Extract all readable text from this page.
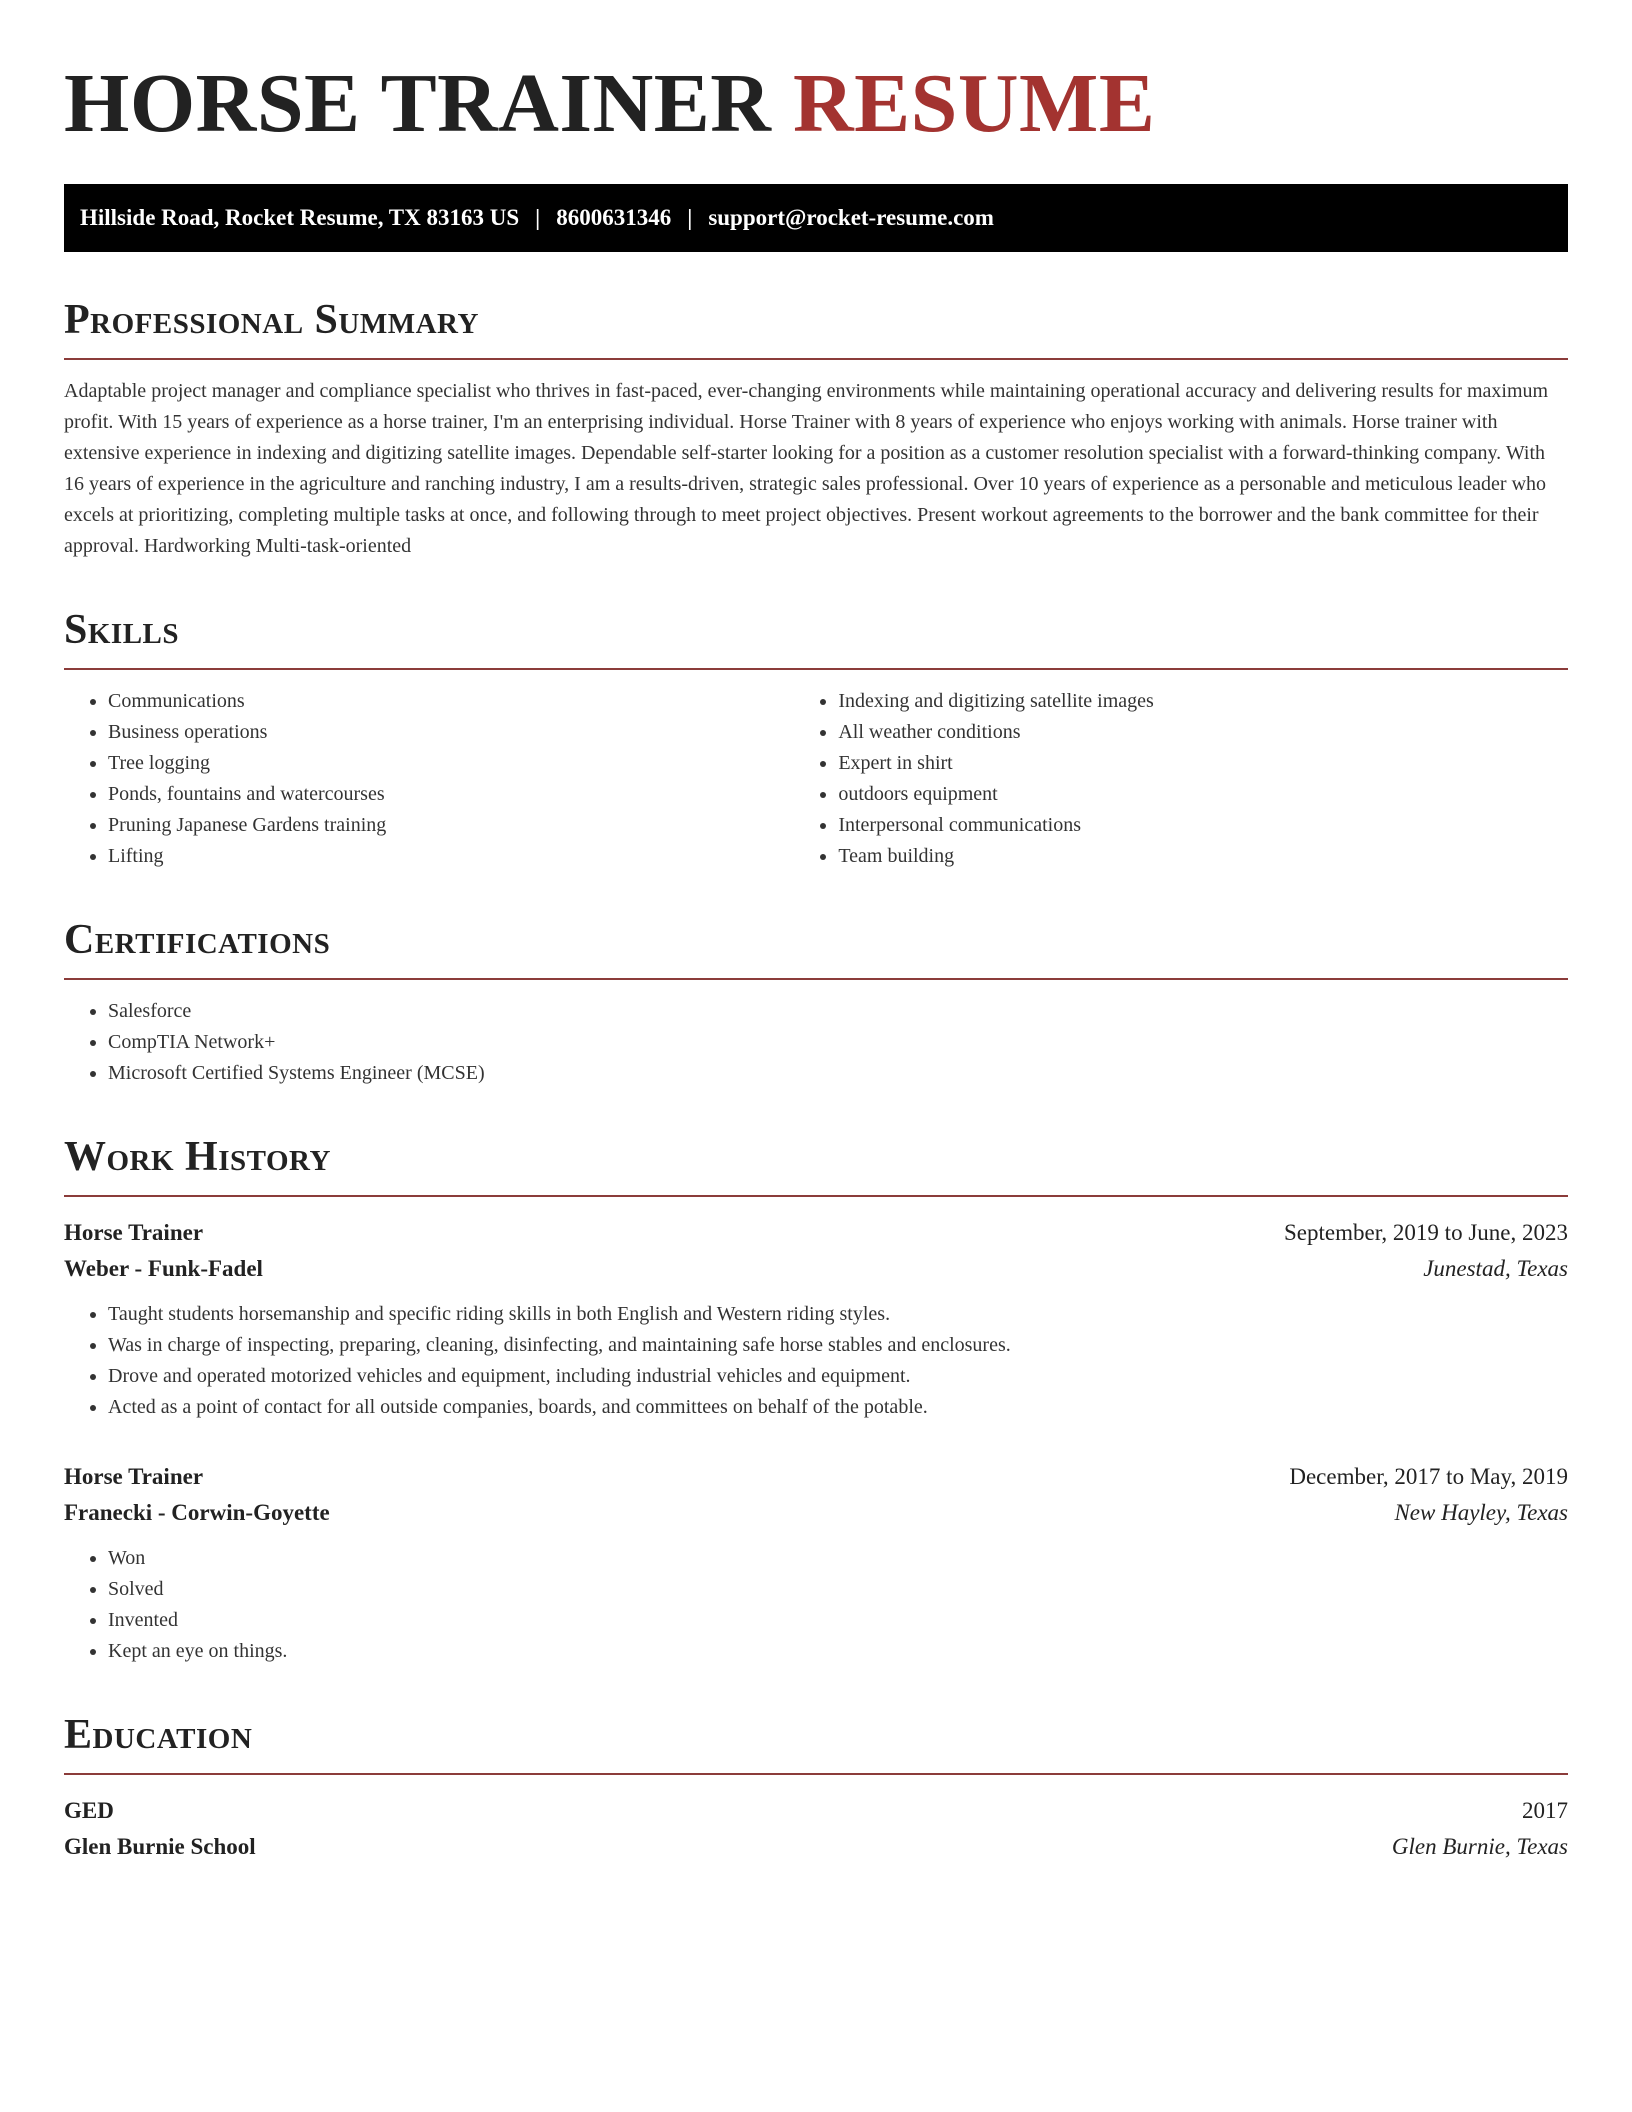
HORSE TRAINER RESUME
Hillside Road, Rocket Resume, TX 83163 US | 8600631346 | support@rocket-resume.com
Professional Summary

Adaptable project manager and compliance specialist who thrives in fast-paced, ever-changing environments while maintaining operational accuracy and delivering results for maximum profit. With 15 years of experience as a horse trainer, I'm an enterprising individual. Horse Trainer with 8 years of experience who enjoys working with animals. Horse trainer with extensive experience in indexing and digitizing satellite images. Dependable self-starter looking for a position as a customer resolution specialist with a forward-thinking company. With 16 years of experience in the agriculture and ranching industry, I am a results-driven, strategic sales professional. Over 10 years of experience as a personable and meticulous leader who excels at prioritizing, completing multiple tasks at once, and following through to meet project objectives. Present workout agreements to the borrower and the bank committee for their approval. Hardworking Multi-task-oriented

Skills
• Communications
• Business operations
• Tree logging
• Ponds, fountains and watercourses
• Pruning Japanese Gardens training
• Lifting
• Indexing and digitizing satellite images
• All weather conditions
• Expert in shirt
• outdoors equipment
• Interpersonal communications
• Team building
Certifications
• Salesforce
• CompTIA Network+
• Microsoft Certified Systems Engineer (MCSE)
Work History
Horse Trainer	September, 2019 to June, 2023
Weber - Funk-Fadel	Junestad, Texas
• Taught students horsemanship and specific riding skills in both English and Western riding styles.
• Was in charge of inspecting, preparing, cleaning, disinfecting, and maintaining safe horse stables and enclosures.
• Drove and operated motorized vehicles and equipment, including industrial vehicles and equipment.
• Acted as a point of contact for all outside companies, boards, and committees on behalf of the potable.
Horse Trainer	December, 2017 to May, 2019
Franecki - Corwin-Goyette	New Hayley, Texas
• Won
• Solved
• Invented
• Kept an eye on things.
Education
GED	2017
Glen Burnie School	Glen Burnie, Texas
